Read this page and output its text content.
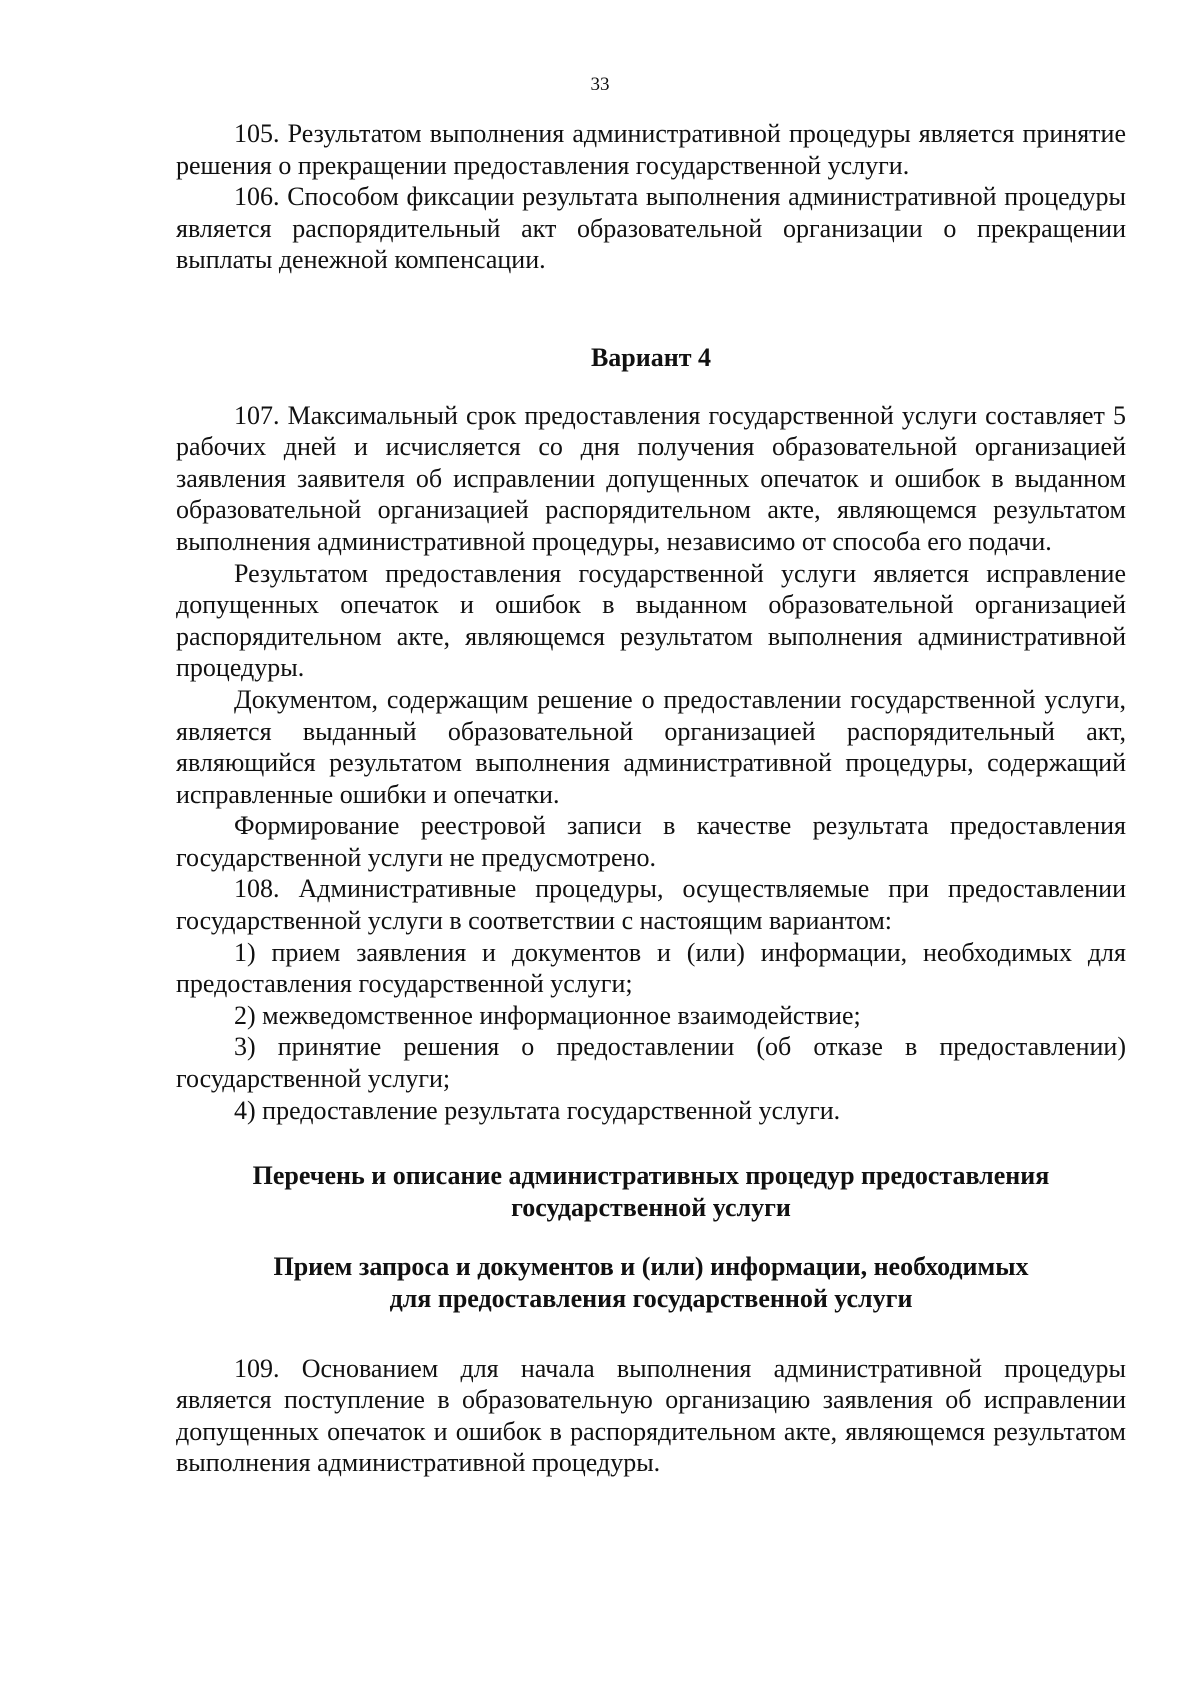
33

105. Результатом выполнения административной процедуры является принятие решения о прекращении предоставления государственной услуги.

106. Способом фиксации результата выполнения административной процедуры является распорядительный акт образовательной организации о прекращении выплаты денежной компенсации.

Вариант 4

107. Максимальный срок предоставления государственной услуги составляет 5 рабочих дней и исчисляется со дня получения образовательной организацией заявления заявителя об исправлении допущенных опечаток и ошибок в выданном образовательной организацией распорядительном акте, являющемся результатом выполнения административной процедуры, независимо от способа его подачи.

Результатом предоставления государственной услуги является исправление допущенных опечаток и ошибок в выданном образовательной организацией распорядительном акте, являющемся результатом выполнения административной процедуры.

Документом, содержащим решение о предоставлении государственной услуги, является выданный образовательной организацией распорядительный акт, являющийся результатом выполнения административной процедуры, содержащий исправленные ошибки и опечатки.

Формирование реестровой записи в качестве результата предоставления государственной услуги не предусмотрено.

108. Административные процедуры, осуществляемые при предоставлении государственной услуги в соответствии с настоящим вариантом:

1) прием заявления и документов и (или) информации, необходимых для предоставления государственной услуги;

2) межведомственное информационное взаимодействие;

3) принятие решения о предоставлении (об отказе в предоставлении) государственной услуги;

4) предоставление результата государственной услуги.

Перечень и описание административных процедур предоставления
государственной услуги

Прием запроса и документов и (или) информации, необходимых
для предоставления государственной услуги

109. Основанием для начала выполнения административной процедуры является поступление в образовательную организацию заявления об исправлении допущенных опечаток и ошибок в распорядительном акте, являющемся результатом выполнения административной процедуры.
